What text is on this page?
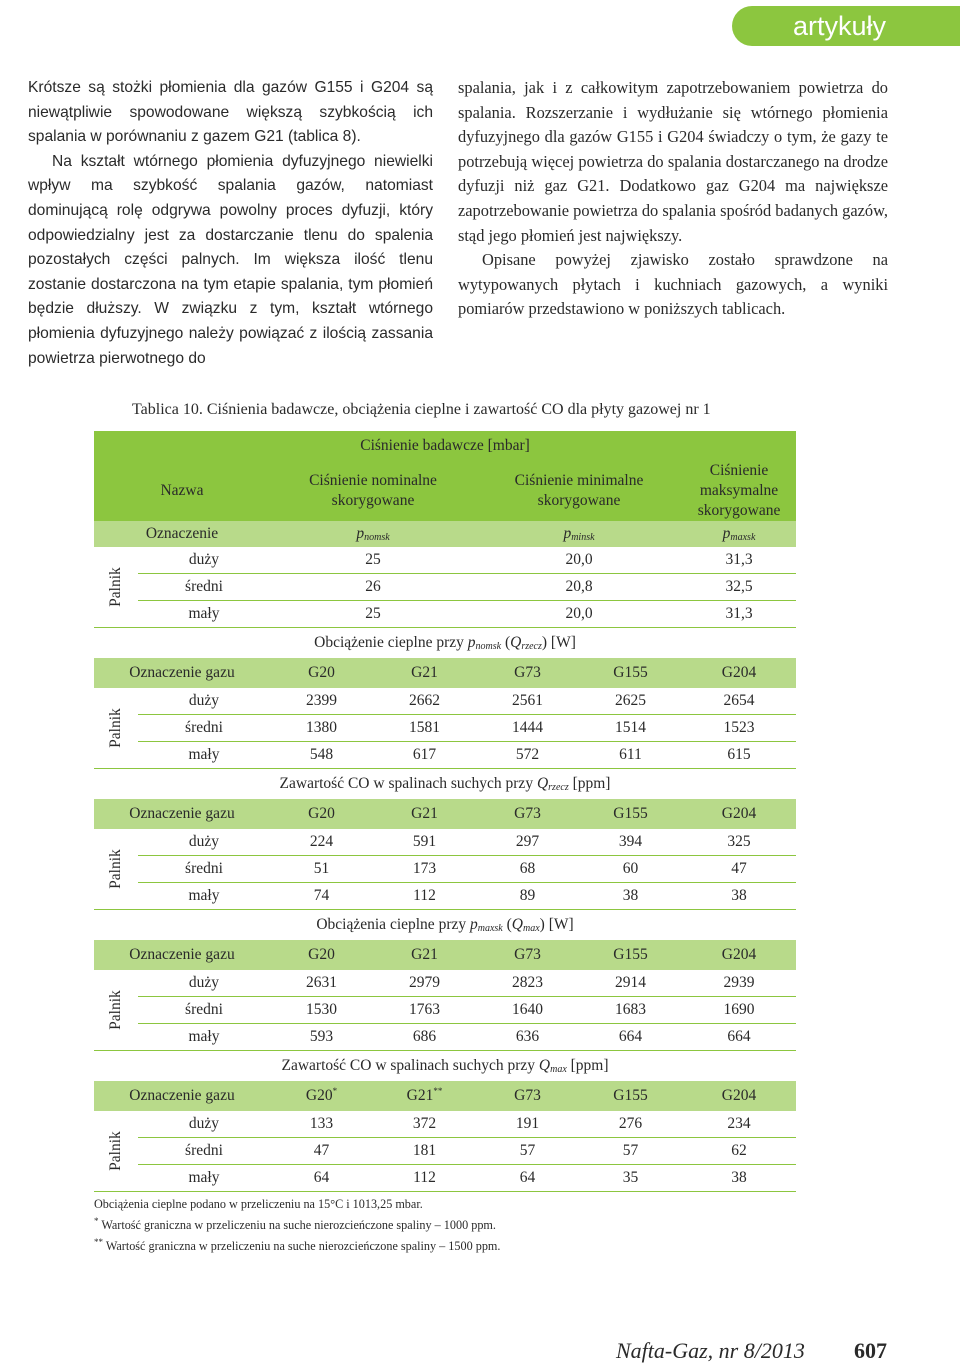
artykuły

Krótsze są stożki płomienia dla gazów G155 i G204 są niewątpliwie spowodowane większą szybkością ich spalania w porównaniu z gazem G21 (tablica 8).

Na kształt wtórnego płomienia dyfuzyjnego niewielki wpływ ma szybkość spalania gazów, natomiast dominującą rolę odgrywa powolny proces dyfuzji, który odpowiedzialny jest za dostarczanie tlenu do spalenia pozostałych części palnych. Im większa ilość tlenu zostanie dostarczona na tym etapie spalania, tym płomień będzie dłuższy. W związku z tym, kształt wtórnego płomienia dyfuzyjnego należy powiązać z ilością zassania powietrza pierwotnego do

spalania, jak i z całkowitym zapotrzebowaniem powietrza do spalania. Rozszerzanie i wydłużanie się wtórnego płomienia dyfuzyjnego dla gazów G155 i G204 świadczy o tym, że gazy te potrzebują więcej powietrza do spalania dostarczanego na drodze dyfuzji niż gaz G21. Dodatkowo gaz G204 ma największe zapotrzebowanie powietrza do spalania spośród badanych gazów, stąd jego płomień jest największy.

Opisane powyżej zjawisko zostało sprawdzone na wytypowanych płytach i kuchniach gazowych, a wyniki pomiarów przedstawiono w poniższych tablicach.

Tablica 10. Ciśnienia badawcze, obciążenia cieplne i zawartość CO dla płyty gazowej nr 1
Ciśnienie badawcze [mbar]						
Nazwa		Ciśnienie nominalne skorygowane		Ciśnienie minimalne skorygowane		Ciśnienie maksymalne skorygowane
Oznaczenie		$p_{nomsk}$		$p_{minsk}$		$p_{maxsk}$
Palnik	duży	25		20,0		31,3
	średni	26		20,8		32,5
	mały	25		20,0		31,3
Obciążenie cieplne przy $p_{nomsk}$ $(Q_{rzecz})$ [W]						
Oznaczenie gazu		G20	G21	G73	G155	G204
Palnik	duży	2399	2662	2561	2625	2654
	średni	1380	1581	1444	1514	1523
	mały	548	617	572	611	615
Zawartość CO w spalinach suchych przy $Q_{rzecz}$ [ppm]						
Oznaczenie gazu		G20	G21	G73	G155	G204
Palnik	duży	224	591	297	394	325
	średni	51	173	68	60	47
	mały	74	112	89	38	38
Obciążenia cieplne przy $p_{maxsk}$ $(Q_{max})$ [W]						
Oznaczenie gazu		G20	G21	G73	G155	G204
Palnik	duży	2631	2979	2823	2914	2939
	średni	1530	1763	1640	1683	1690
	mały	593	686	636	664	664
Zawartość CO w spalinach suchych przy $Q_{max}$ [ppm]						
Oznaczenie gazu		G20*	G21**	G73	G155	G204
Palnik	duży	133	372	191	276	234
	średni	47	181	57	57	62
	mały	64	112	64	35	38
Obciążenia cieplne podano w przeliczeniu na 15°C i 1013,25 mbar.
* Wartość graniczna w przeliczeniu na suche nierozcieńczone spaliny – 1000 ppm.
** Wartość graniczna w przeliczeniu na suche nierozcieńczone spaliny – 1500 ppm.
Nafta-Gaz, nr 8/2013 607
